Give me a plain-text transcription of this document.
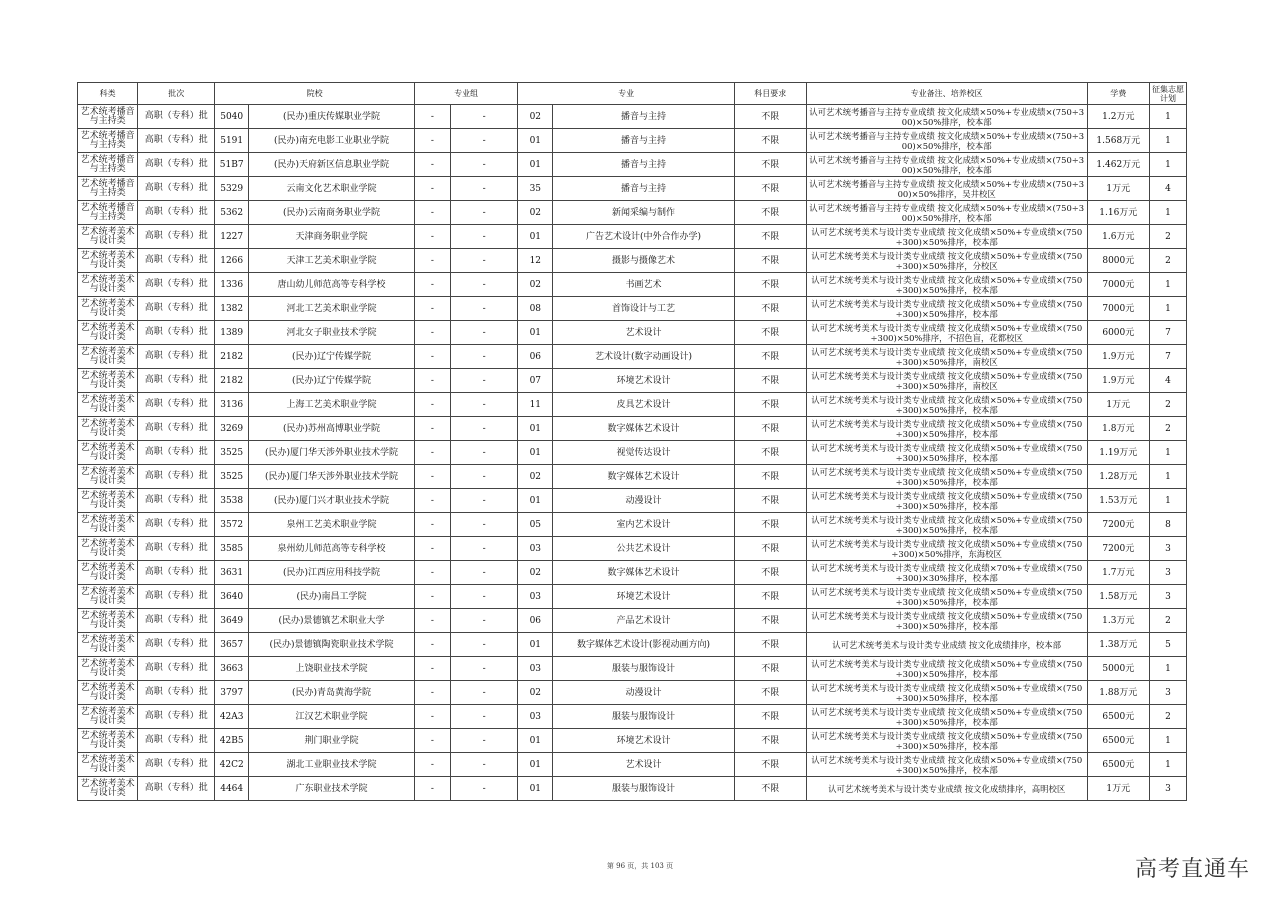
科类	批次	院校		专业组		专业		科目要求	专业备注、培养校区	学费	征集志愿计划
艺术统考播音与主持类	高职（专科）批	5040	(民办)重庆传媒职业学院	-	-	02	播音与主持	不限	认可艺术统考播音与主持专业成绩 按文化成绩×50%+专业成绩×(750÷300)×50%排序，校本部	1.2万元	1
艺术统考播音与主持类	高职（专科）批	5191	(民办)南充电影工业职业学院	-	-	01	播音与主持	不限	认可艺术统考播音与主持专业成绩 按文化成绩×50%+专业成绩×(750÷300)×50%排序，校本部	1.568万元	1
艺术统考播音与主持类	高职（专科）批	51B7	(民办)天府新区信息职业学院	-	-	01	播音与主持	不限	认可艺术统考播音与主持专业成绩 按文化成绩×50%+专业成绩×(750÷300)×50%排序，校本部	1.462万元	1
艺术统考播音与主持类	高职（专科）批	5329	云南文化艺术职业学院	-	-	35	播音与主持	不限	认可艺术统考播音与主持专业成绩 按文化成绩×50%+专业成绩×(750÷300)×50%排序，吴井校区	1万元	4
艺术统考播音与主持类	高职（专科）批	5362	(民办)云南商务职业学院	-	-	02	新闻采编与制作	不限	认可艺术统考播音与主持专业成绩 按文化成绩×50%+专业成绩×(750÷300)×50%排序，校本部	1.16万元	1
艺术统考美术与设计类	高职（专科）批	1227	天津商务职业学院	-	-	01	广告艺术设计(中外合作办学)	不限	认可艺术统考美术与设计类专业成绩 按文化成绩×50%+专业成绩×(750÷300)×50%排序，校本部	1.6万元	2
艺术统考美术与设计类	高职（专科）批	1266	天津工艺美术职业学院	-	-	12	摄影与摄像艺术	不限	认可艺术统考美术与设计类专业成绩 按文化成绩×50%+专业成绩×(750÷300)×50%排序，分校区	8000元	2
艺术统考美术与设计类	高职（专科）批	1336	唐山幼儿师范高等专科学校	-	-	02	书画艺术	不限	认可艺术统考美术与设计类专业成绩 按文化成绩×50%+专业成绩×(750÷300)×50%排序，校本部	7000元	1
艺术统考美术与设计类	高职（专科）批	1382	河北工艺美术职业学院	-	-	08	首饰设计与工艺	不限	认可艺术统考美术与设计类专业成绩 按文化成绩×50%+专业成绩×(750÷300)×50%排序，校本部	7000元	1
艺术统考美术与设计类	高职（专科）批	1389	河北女子职业技术学院	-	-	01	艺术设计	不限	认可艺术统考美术与设计类专业成绩 按文化成绩×50%+专业成绩×(750÷300)×50%排序，不招色盲，花都校区	6000元	7
艺术统考美术与设计类	高职（专科）批	2182	(民办)辽宁传媒学院	-	-	06	艺术设计(数字动画设计)	不限	认可艺术统考美术与设计类专业成绩 按文化成绩×50%+专业成绩×(750÷300)×50%排序，南校区	1.9万元	7
艺术统考美术与设计类	高职（专科）批	2182	(民办)辽宁传媒学院	-	-	07	环境艺术设计	不限	认可艺术统考美术与设计类专业成绩 按文化成绩×50%+专业成绩×(750÷300)×50%排序，南校区	1.9万元	4
艺术统考美术与设计类	高职（专科）批	3136	上海工艺美术职业学院	-	-	11	皮具艺术设计	不限	认可艺术统考美术与设计类专业成绩 按文化成绩×50%+专业成绩×(750÷300)×50%排序，校本部	1万元	2
艺术统考美术与设计类	高职（专科）批	3269	(民办)苏州高博职业学院	-	-	01	数字媒体艺术设计	不限	认可艺术统考美术与设计类专业成绩 按文化成绩×50%+专业成绩×(750÷300)×50%排序，校本部	1.8万元	2
艺术统考美术与设计类	高职（专科）批	3525	(民办)厦门华天涉外职业技术学院	-	-	01	视觉传达设计	不限	认可艺术统考美术与设计类专业成绩 按文化成绩×50%+专业成绩×(750÷300)×50%排序，校本部	1.19万元	1
艺术统考美术与设计类	高职（专科）批	3525	(民办)厦门华天涉外职业技术学院	-	-	02	数字媒体艺术设计	不限	认可艺术统考美术与设计类专业成绩 按文化成绩×50%+专业成绩×(750÷300)×50%排序，校本部	1.28万元	1
艺术统考美术与设计类	高职（专科）批	3538	(民办)厦门兴才职业技术学院	-	-	01	动漫设计	不限	认可艺术统考美术与设计类专业成绩 按文化成绩×50%+专业成绩×(750÷300)×50%排序，校本部	1.53万元	1
艺术统考美术与设计类	高职（专科）批	3572	泉州工艺美术职业学院	-	-	05	室内艺术设计	不限	认可艺术统考美术与设计类专业成绩 按文化成绩×50%+专业成绩×(750÷300)×50%排序，校本部	7200元	8
艺术统考美术与设计类	高职（专科）批	3585	泉州幼儿师范高等专科学校	-	-	03	公共艺术设计	不限	认可艺术统考美术与设计类专业成绩 按文化成绩×50%+专业成绩×(750÷300)×50%排序，东海校区	7200元	3
艺术统考美术与设计类	高职（专科）批	3631	(民办)江西应用科技学院	-	-	02	数字媒体艺术设计	不限	认可艺术统考美术与设计类专业成绩 按文化成绩×70%+专业成绩×(750÷300)×30%排序，校本部	1.7万元	3
艺术统考美术与设计类	高职（专科）批	3640	(民办)南昌工学院	-	-	03	环境艺术设计	不限	认可艺术统考美术与设计类专业成绩 按文化成绩×50%+专业成绩×(750÷300)×50%排序，校本部	1.58万元	3
艺术统考美术与设计类	高职（专科）批	3649	(民办)景德镇艺术职业大学	-	-	06	产品艺术设计	不限	认可艺术统考美术与设计类专业成绩 按文化成绩×50%+专业成绩×(750÷300)×50%排序，校本部	1.3万元	2
艺术统考美术与设计类	高职（专科）批	3657	(民办)景德镇陶瓷职业技术学院	-	-	01	数字媒体艺术设计(影视动画方向)	不限	认可艺术统考美术与设计类专业成绩 按文化成绩排序，校本部	1.38万元	5
艺术统考美术与设计类	高职（专科）批	3663	上饶职业技术学院	-	-	03	服装与服饰设计	不限	认可艺术统考美术与设计类专业成绩 按文化成绩×50%+专业成绩×(750÷300)×50%排序，校本部	5000元	1
艺术统考美术与设计类	高职（专科）批	3797	(民办)青岛黄海学院	-	-	02	动漫设计	不限	认可艺术统考美术与设计类专业成绩 按文化成绩×50%+专业成绩×(750÷300)×50%排序，校本部	1.88万元	3
艺术统考美术与设计类	高职（专科）批	42A3	江汉艺术职业学院	-	-	03	服装与服饰设计	不限	认可艺术统考美术与设计类专业成绩 按文化成绩×50%+专业成绩×(750÷300)×50%排序，校本部	6500元	2
艺术统考美术与设计类	高职（专科）批	42B5	荆门职业学院	-	-	01	环境艺术设计	不限	认可艺术统考美术与设计类专业成绩 按文化成绩×50%+专业成绩×(750÷300)×50%排序，校本部	6500元	1
艺术统考美术与设计类	高职（专科）批	42C2	湖北工业职业技术学院	-	-	01	艺术设计	不限	认可艺术统考美术与设计类专业成绩 按文化成绩×50%+专业成绩×(750÷300)×50%排序，校本部	6500元	1
艺术统考美术与设计类	高职（专科）批	4464	广东职业技术学院	-	-	01	服装与服饰设计	不限	认可艺术统考美术与设计类专业成绩 按文化成绩排序，高明校区	1万元	3
第 96 页，共 103 页	高考直通车
